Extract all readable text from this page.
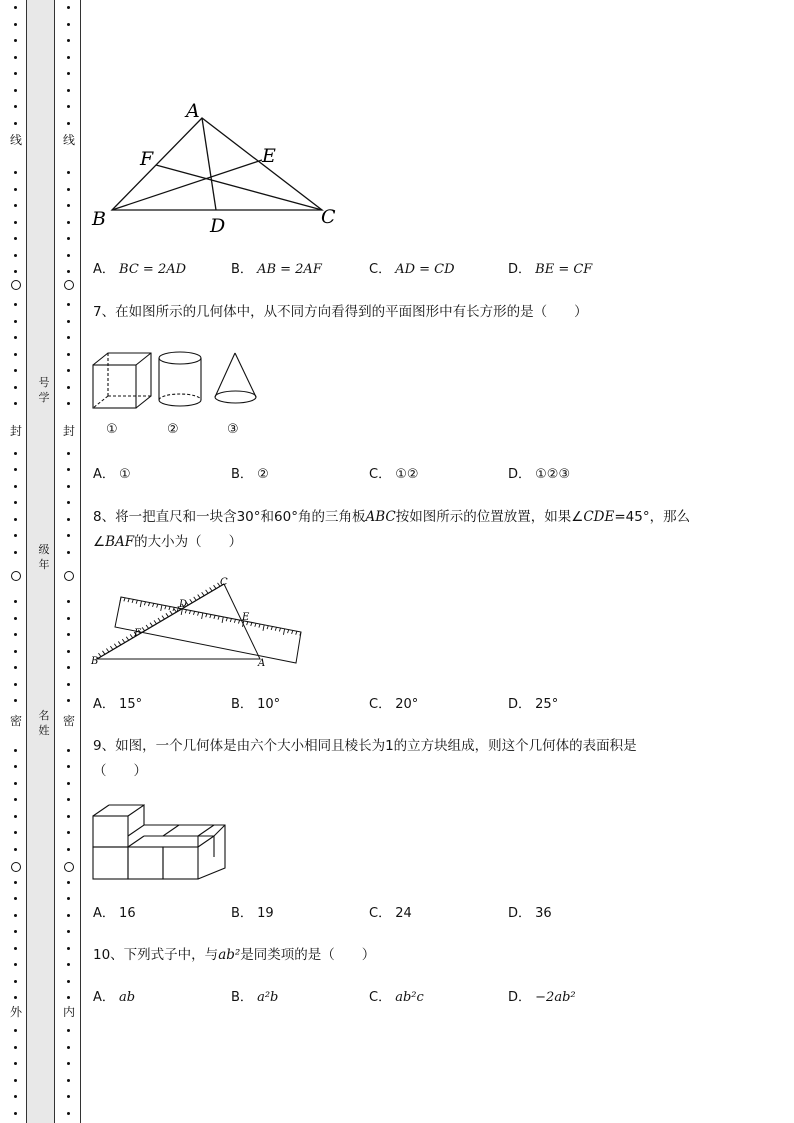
线
封
密
外
线
封
密
内
号
学
级
年
名
姓
A
B	C
D
E
F
A． BC = 2AD	B． AB = 2AF	C． AD = CD	D． BE = CF
7、在如图所示的几何体中，从不同方向看得到的平面图形中有长方形的是（　　）
①	②	③
A． ①	B． ②	C． ①②	D． ①②③
8、将一把直尺和一块含30°和60°角的三角板ABC按如图所示的位置放置，如果∠CDE=45°，那么
∠BAF的大小为（　　）
C
D
E
F
B	A
A． 15°	B． 10°	C． 20°	D． 25°
9、如图，一个几何体是由六个大小相同且棱长为1的立方块组成，则这个几何体的表面积是
（　　）
A． 16	B． 19	C． 24	D． 36
10、下列式子中，与ab²是同类项的是（　　）
A． ab	B． a²b	C． ab²c	D． −2ab²
